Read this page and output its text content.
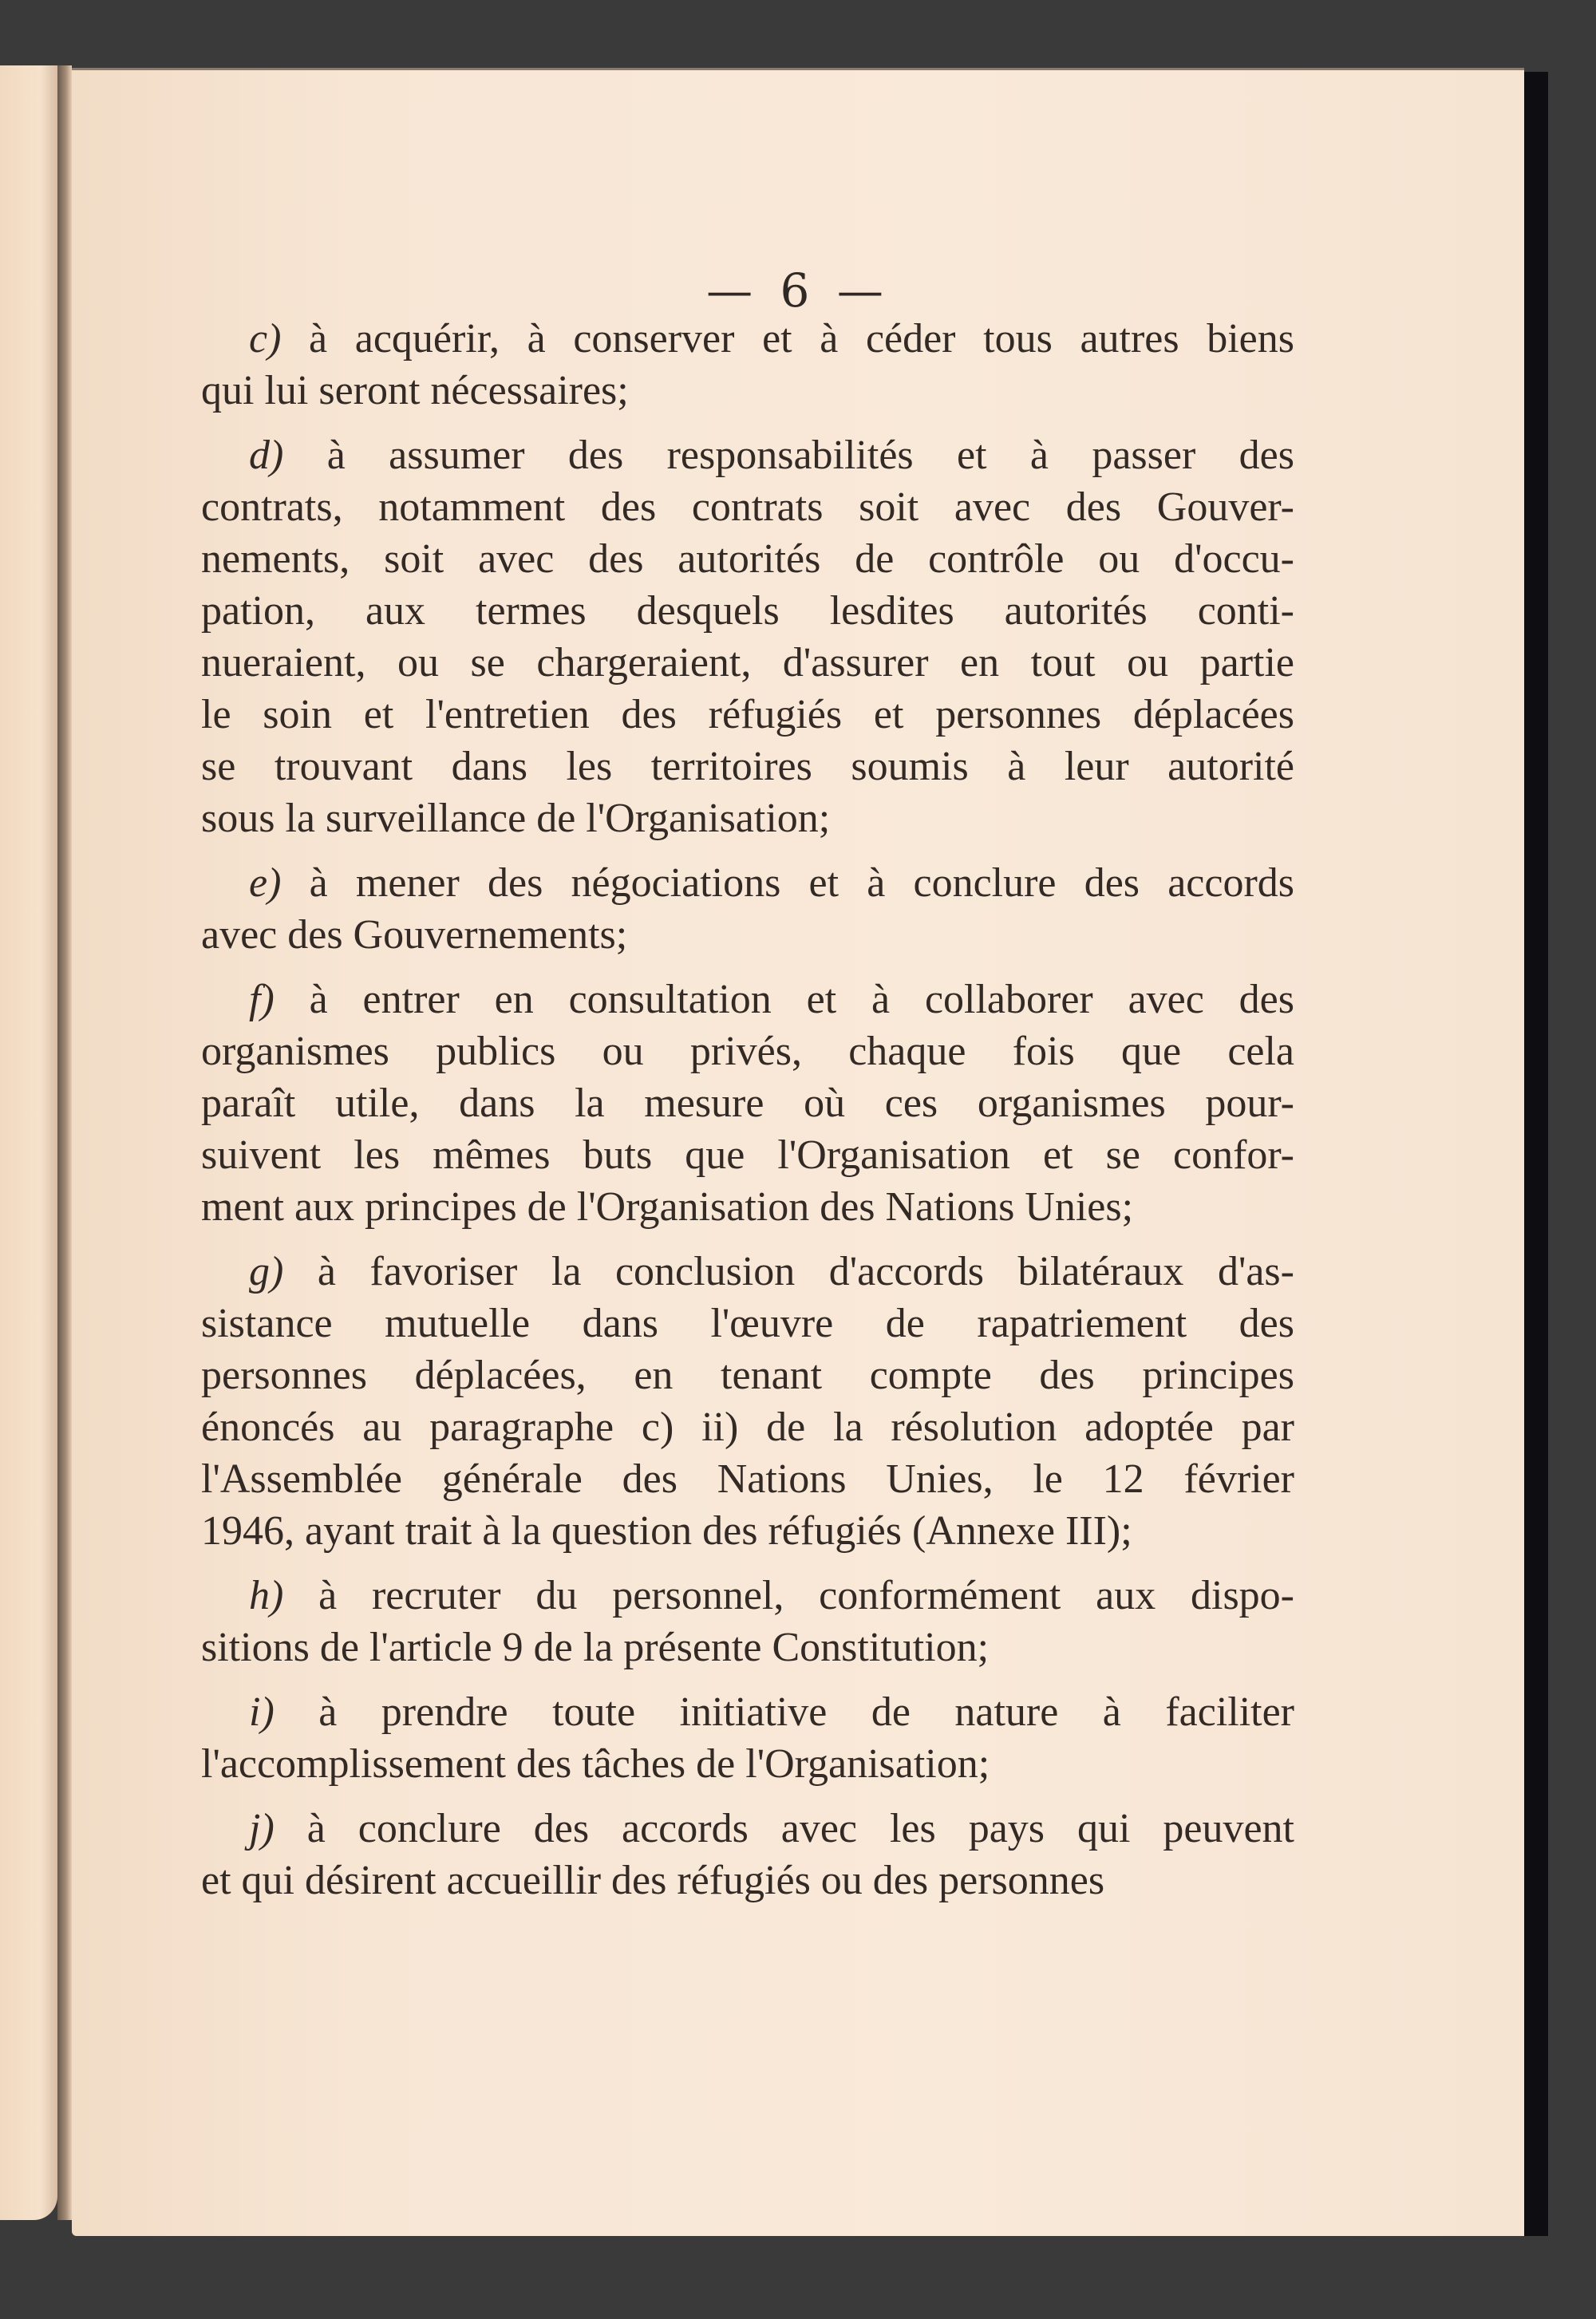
— 6 —
c) à acquérir, à conserver et à céder tous autres biens
qui lui seront nécessaires;
d) à assumer des responsabilités et à passer des
contrats, notamment des contrats soit avec des Gouver-
nements, soit avec des autorités de contrôle ou d'occu-
pation, aux termes desquels lesdites autorités conti-
nueraient, ou se chargeraient, d'assurer en tout ou partie
le soin et l'entretien des réfugiés et personnes déplacées
se trouvant dans les territoires soumis à leur autorité
sous la surveillance de l'Organisation;
e) à mener des négociations et à conclure des accords
avec des Gouvernements;
f) à entrer en consultation et à collaborer avec des
organismes publics ou privés, chaque fois que cela
paraît utile, dans la mesure où ces organismes pour-
suivent les mêmes buts que l'Organisation et se confor-
ment aux principes de l'Organisation des Nations Unies;
g) à favoriser la conclusion d'accords bilatéraux d'as-
sistance mutuelle dans l'œuvre de rapatriement des
personnes déplacées, en tenant compte des principes
énoncés au paragraphe c) ii) de la résolution adoptée par
l'Assemblée générale des Nations Unies, le 12 février
1946, ayant trait à la question des réfugiés (Annexe III);
h) à recruter du personnel, conformément aux dispo-
sitions de l'article 9 de la présente Constitution;
i) à prendre toute initiative de nature à faciliter
l'accomplissement des tâches de l'Organisation;
j) à conclure des accords avec les pays qui peuvent
et qui désirent accueillir des réfugiés ou des personnes
